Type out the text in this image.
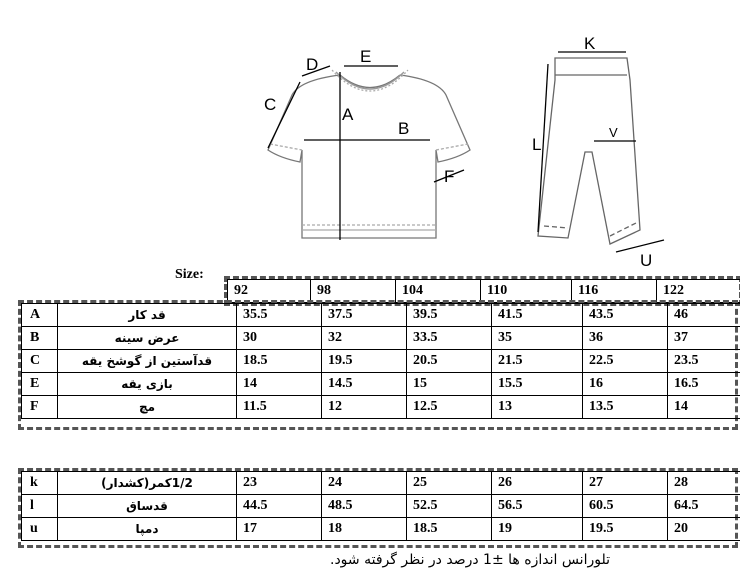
A
B
C
D E
F
K
L
V
U
Size:
92	98	104	110	116	122
A	قد کار	35.5	37.5	39.5	41.5	43.5	46
B	عرض سینه	30	32	33.5	35	36	37
C	قدآستین از گوشخ یقه	18.5	19.5	20.5	21.5	22.5	23.5
E	بازی یقه	14	14.5	15	15.5	16	16.5
F	مچ	11.5	12	12.5	13	13.5	14
k	1/2کمر(کشدار)	23	24	25	26	27	28
l	قدساق	44.5	48.5	52.5	56.5	60.5	64.5
u	دمپا	17	18	18.5	19	19.5	20
تلورانس اندازه ها ±1 درصد در نظر گرفته شود.
